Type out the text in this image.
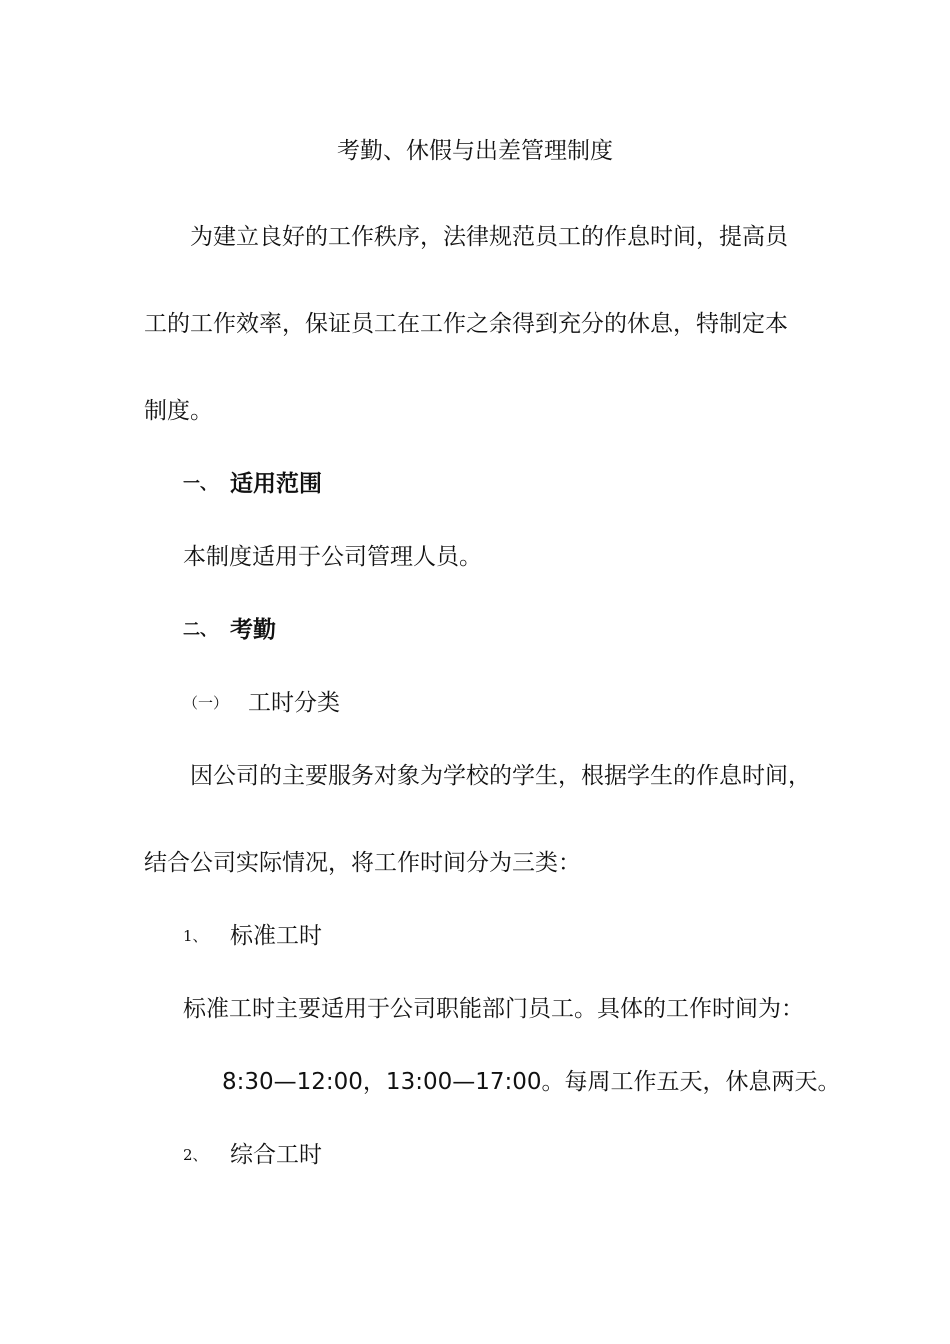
考勤、休假与出差管理制度
为建立良好的工作秩序，法律规范员工的作息时间，提高员
工的工作效率，保证员工在工作之余得到充分的休息，特制定本
制度。
一、 适用范围
本制度适用于公司管理人员。
二、 考勤
（一） 工时分类
因公司的主要服务对象为学校的学生，根据学生的作息时间，
结合公司实际情况，将工作时间分为三类：
1、 标准工时
标准工时主要适用于公司职能部门员工。具体的工作时间为：
8:30—12:00，13:00—17:00。每周工作五天，休息两天。
2、 综合工时
